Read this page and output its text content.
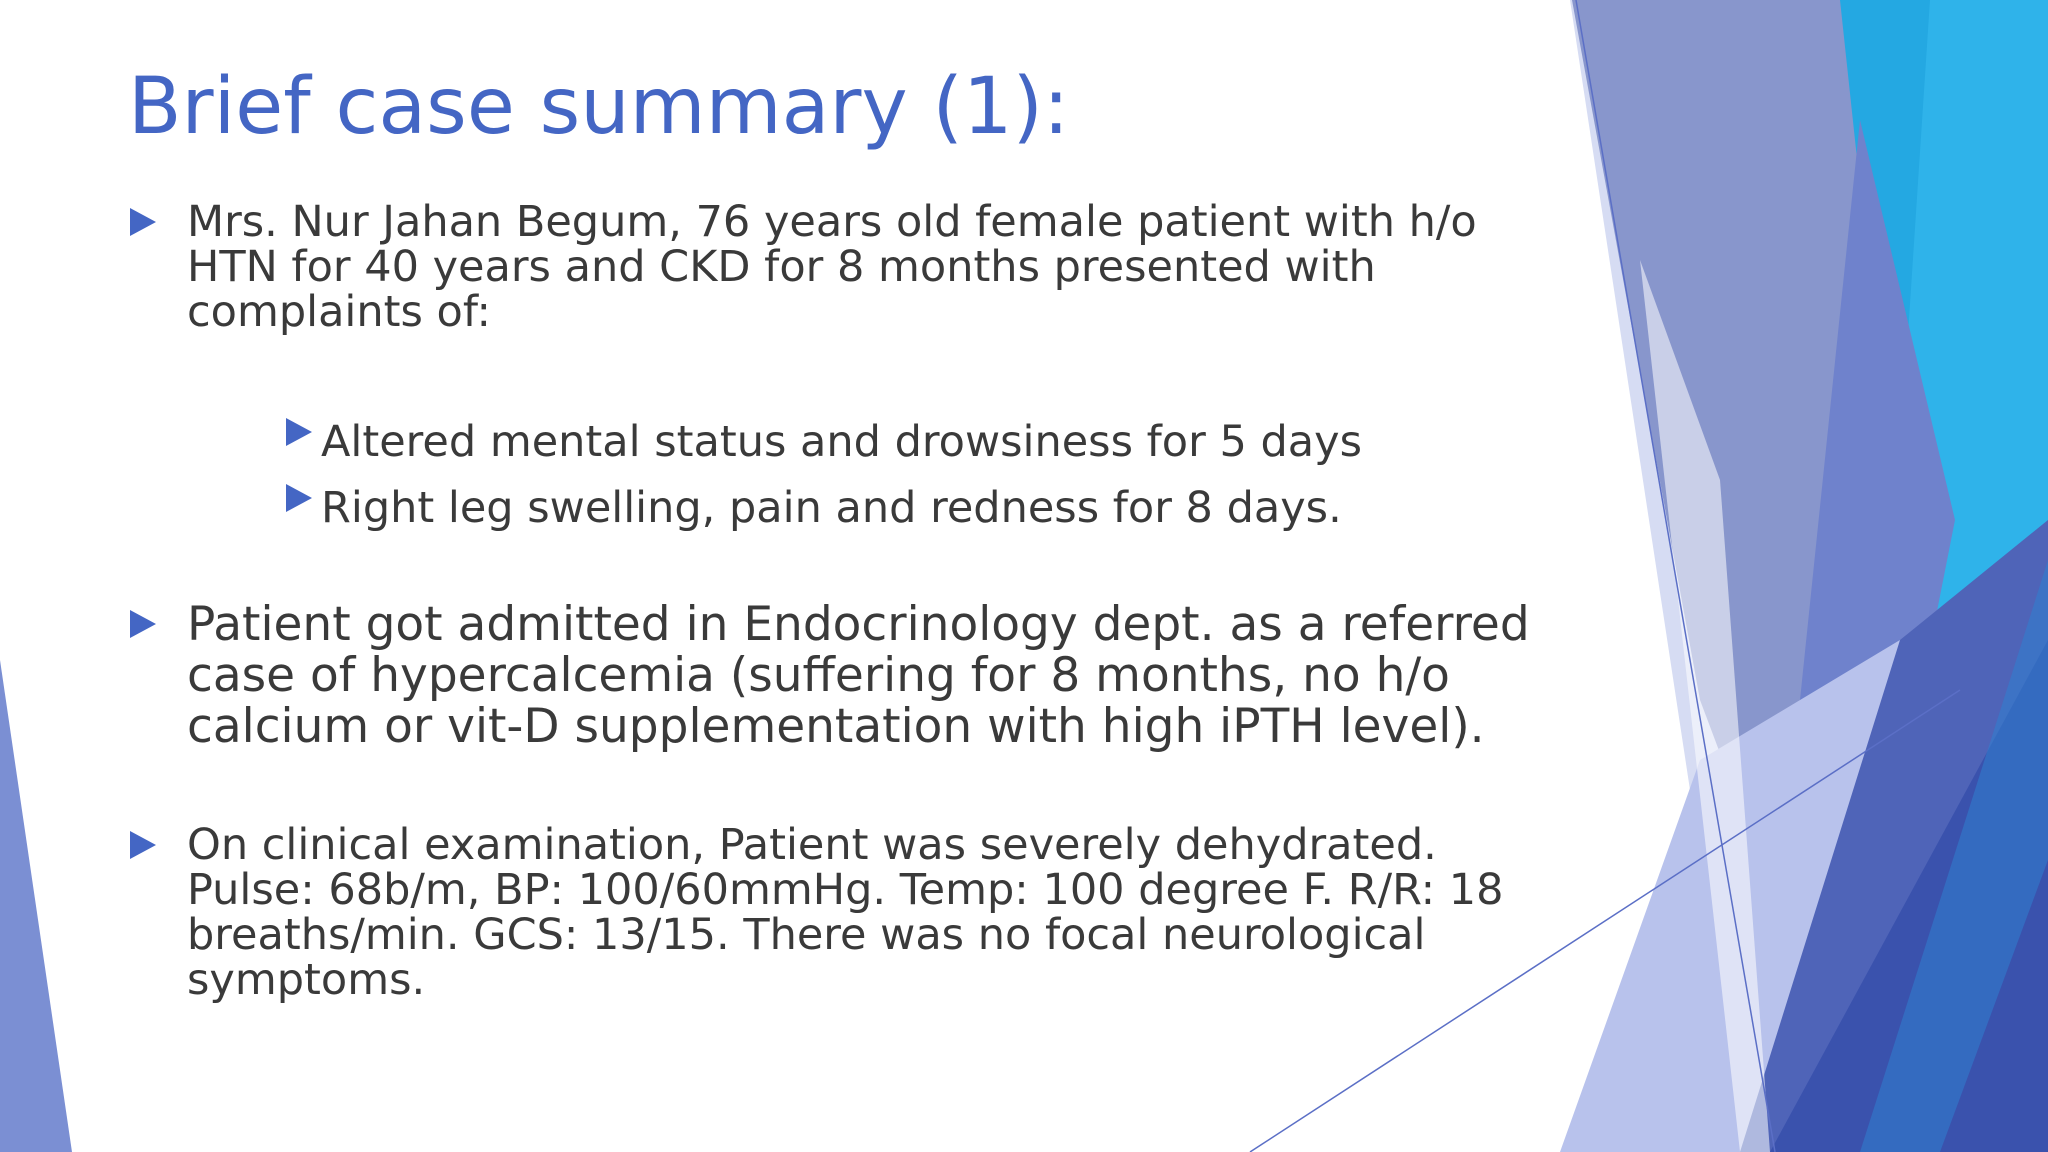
Brief case summary (1):
Mrs. Nur Jahan Begum, 76 years old female patient with h/o HTN for 40 years and CKD for 8 months presented with complaints of:
Altered mental status and drowsiness for 5 days
Right leg swelling, pain and redness for 8 days.
Patient got admitted in Endocrinology dept. as a referred case of hypercalcemia (suffering for 8 months, no h/o calcium or vit-D supplementation with high iPTH level).
On clinical examination, Patient was severely dehydrated. Pulse: 68b/m, BP: 100/60mmHg. Temp: 100 degree F. R/R: 18 breaths/min. GCS: 13/15. There was no focal neurological symptoms.
